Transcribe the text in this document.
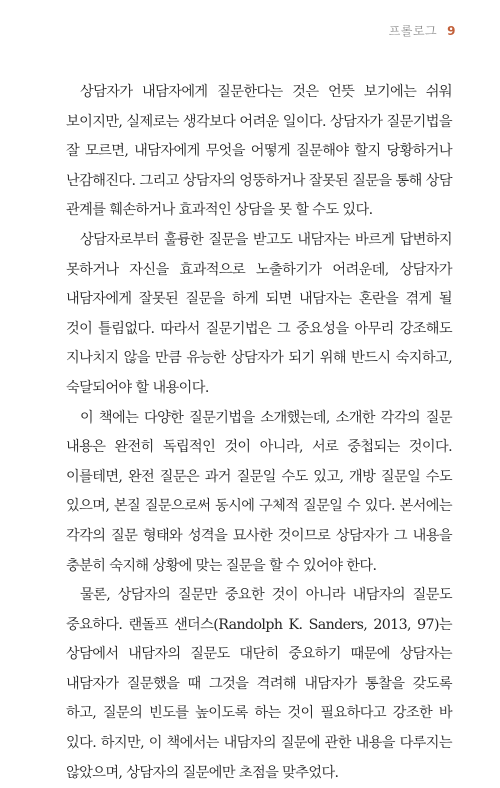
프롤로그 9

상담자가 내담자에게 질문한다는 것은 언뜻 보기에는 쉬워 보이지만, 실제로는 생각보다 어려운 일이다. 상담자가 질문기법을 잘 모르면, 내담자에게 무엇을 어떻게 질문해야 할지 당황하거나 난감해진다. 그리고 상담자의 엉뚱하거나 잘못된 질문을 통해 상담 관계를 훼손하거나 효과적인 상담을 못 할 수도 있다.

상담자로부터 훌륭한 질문을 받고도 내담자는 바르게 답변하지 못하거나 자신을 효과적으로 노출하기가 어려운데, 상담자가 내담자에게 잘못된 질문을 하게 되면 내담자는 혼란을 겪게 될 것이 틀림없다. 따라서 질문기법은 그 중요성을 아무리 강조해도 지나치지 않을 만큼 유능한 상담자가 되기 위해 반드시 숙지하고, 숙달되어야 할 내용이다.

이 책에는 다양한 질문기법을 소개했는데, 소개한 각각의 질문 내용은 완전히 독립적인 것이 아니라, 서로 중첩되는 것이다. 이를테면, 완전 질문은 과거 질문일 수도 있고, 개방 질문일 수도 있으며, 본질 질문으로써 동시에 구체적 질문일 수 있다. 본서에는 각각의 질문 형태와 성격을 묘사한 것이므로 상담자가 그 내용을 충분히 숙지해 상황에 맞는 질문을 할 수 있어야 한다.

물론, 상담자의 질문만 중요한 것이 아니라 내담자의 질문도 중요하다. 랜돌프 샌더스(Randolph K. Sanders, 2013, 97)는 상담에서 내담자의 질문도 대단히 중요하기 때문에 상담자는 내담자가 질문했을 때 그것을 격려해 내담자가 통찰을 갖도록 하고, 질문의 빈도를 높이도록 하는 것이 필요하다고 강조한 바 있다. 하지만, 이 책에서는 내담자의 질문에 관한 내용을 다루지는 않았으며, 상담자의 질문에만 초점을 맞추었다.
